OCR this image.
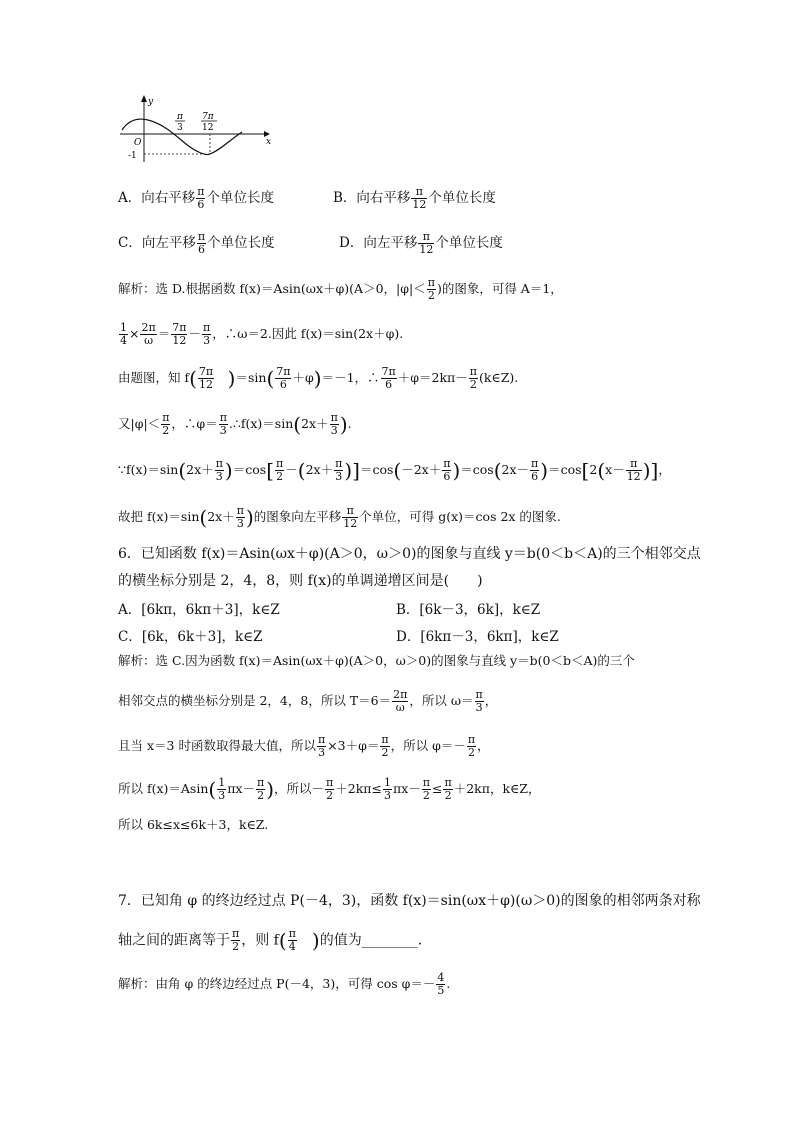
y
x
O
-1
π
3
7π
12
A．向右平移 $\frac{\pi}{6}$ 个单位长度	B．向右平移 $\frac{\pi}{12}$ 个单位长度
C．向左平移 $\frac{\pi}{6}$ 个单位长度	D．向左平移 $\frac{\pi}{12}$ 个单位长度
解析：选 D.根据函数 f(x)＝Asin(ωx＋φ)(A＞0，$|\varphi|< \frac{\pi}{2}$ )的图象，可得 A＝1，
$\frac{1}{4} \times \frac{2\pi}{\omega} = \frac{7\pi}{12} - \frac{\pi}{3}$ ，∴ω＝2.因此 f(x)＝sin(2x＋φ).
由题图，知 $f( \frac{7\pi}{12}$
  )$=\sin( \frac{7\pi}{6} +\varphi)=-1$，∴ $\frac{7\pi}{6} +\varphi=2k\pi- \frac{\pi}{2}$ (k∈Z).
又$|\varphi|< \frac{\pi}{2}$ ，∴φ＝ $\frac{\pi}{3}$ .∴f(x)＝sin(2x＋ $\frac{\pi}{3}$ ).
∵f(x)＝sin(2x＋ $\frac{\pi}{3} )=\cos[ \frac{\pi}{2} -(2x+ \frac{\pi}{3} )]=\cos(-2x+ \frac{\pi}{6} )=\cos(2x- \frac{\pi}{6} )=\cos[2(x- \frac{\pi}{12}$ )]，
故把 $f(x)=\sin(2x+ \frac{\pi}{3}$ )的图象向左平移 $\frac{\pi}{12}$ 个单位，可得 g(x)＝cos 2x 的图象.
6．已知函数 f(x)＝Asin(ωx＋φ)(A＞0，ω＞0)的图象与直线 y＝b(0＜b＜A)的三个相邻交点
的横坐标分别是 2，4，8，则 f(x)的单调递增区间是(　　)
A．[6kπ，6kπ＋3]，k∈Z	B．[6k－3，6k]，k∈Z
C．[6k，6k＋3]，k∈Z	D．[6kπ－3，6kπ]，k∈Z
解析：选 C.因为函数 f(x)＝Asin(ωx＋φ)(A＞0，ω＞0)的图象与直线 y＝b(0＜b＜A)的三个
相邻交点的横坐标分别是 2，4，8，所以 $T=6= \frac{2\pi}{\omega}$ ，所以 $\omega= \frac{\pi}{3}$ ，
且当 x＝3 时函数取得最大值，所以 $\frac{\pi}{3} \times 3+\varphi= \frac{\pi}{2}$ ，所以 $\varphi=- \frac{\pi}{2}$ ，
所以 $f(x)=Asin( \frac{1}{3} \pi x- \frac{\pi}{2}$ )，所以－ $\frac{\pi}{2} +2k\pi\le \frac{1}{3} \pi x- \frac{\pi}{2} \le \frac{\pi}{2} +2k\pi$，k∈Z，
所以 6k≤x≤6k＋3，k∈Z.
7．已知角 φ 的终边经过点 P(－4，3)，函数 f(x)＝sin(ωx＋φ)(ω＞0)的图象的相邻两条对称
轴之间的距离等于 $\frac{\pi}{2}$ ，则 $f( \frac{\pi}{4}$
  )的值为________.
解析：由角 φ 的终边经过点 P(－4，3)，可得 $\cos \varphi=- \frac{4}{5}$ .
